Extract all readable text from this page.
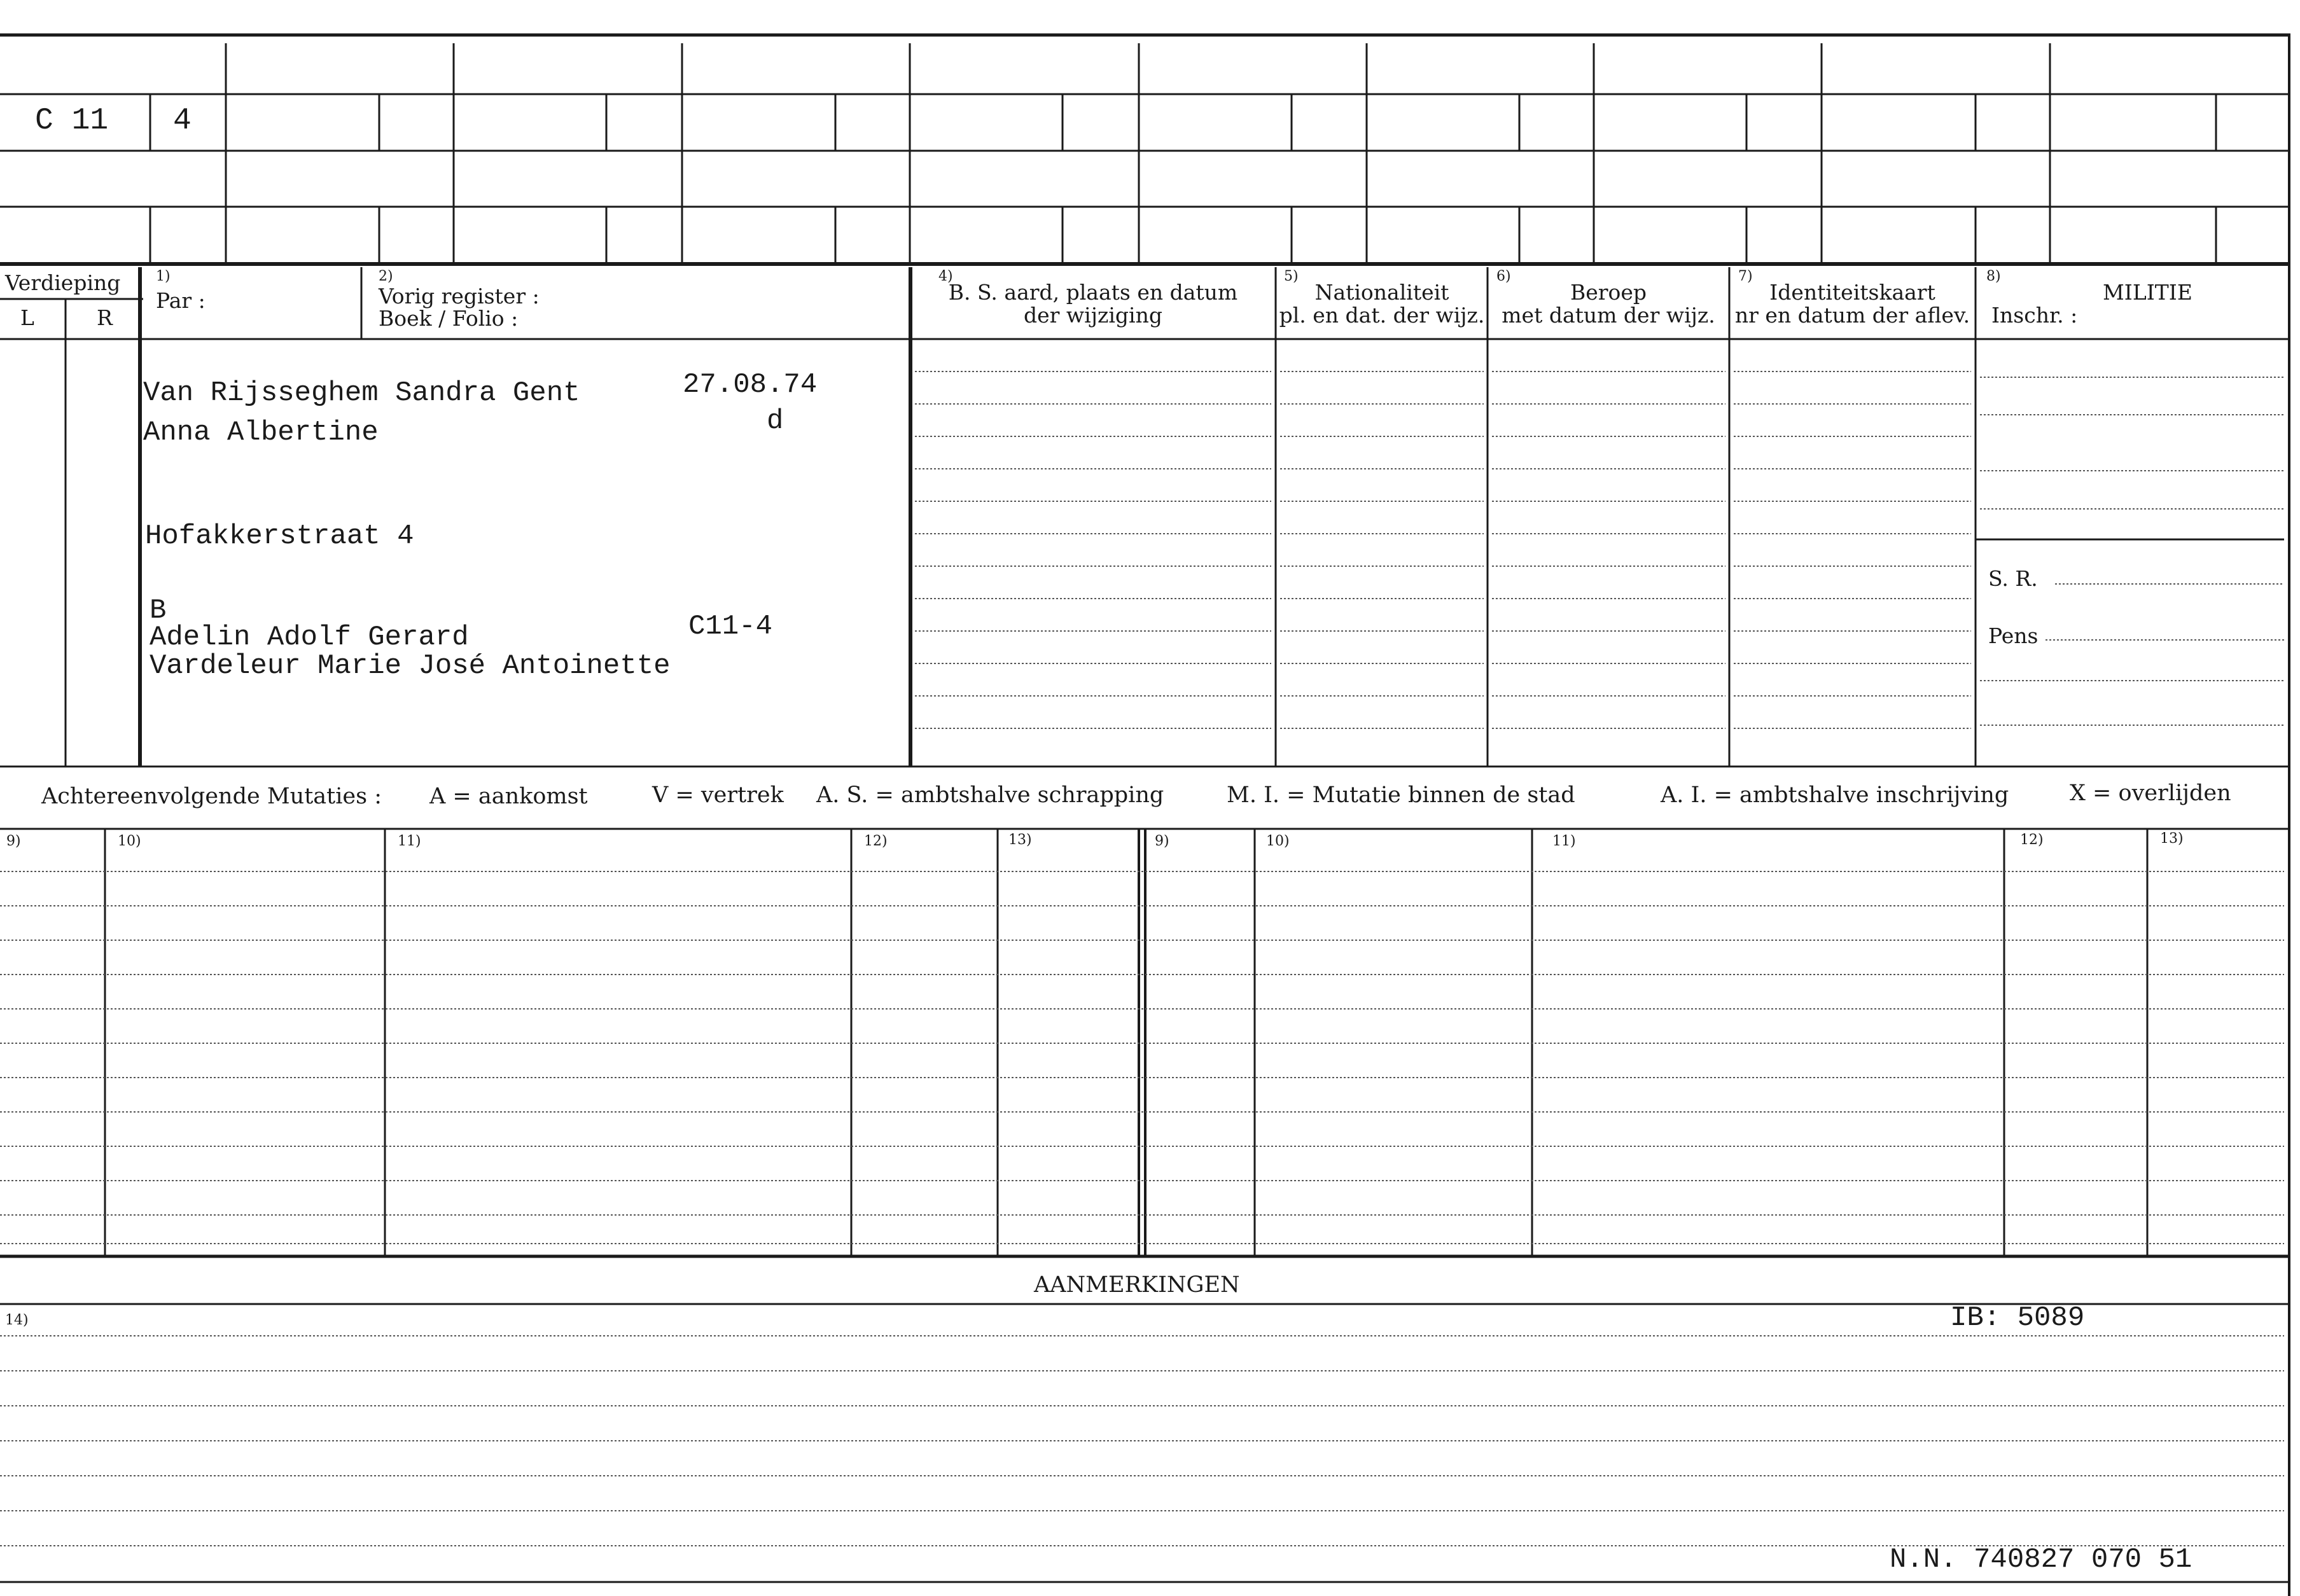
C 11 4
Verdieping
L	R
1)
Par :
2)
Vorig register :
Boek / Folio :
4)
B. S. aard, plaats en datum
der wijziging
5)
Nationaliteit
pl. en dat. der wijz.
6)
Beroep
met datum der wijz.
7)
Identiteitskaart
nr en datum der aflev.
8)
MILITIE
Inschr. :
Van Rijsseghem Sandra Gent
Anna Albertine
27.08.74
d
Hofakkerstraat 4
B
Adelin Adolf Gerard	C11-4
Vardeleur Marie José Antoinette
S. R.
Pens
Achtereenvolgende Mutaties : A = aankomst	V = vertrek A. S. = ambtshalve schrapping	M. I. = Mutatie binnen de stad	A. I. = ambtshalve inschrijving	X = overlijden
9)	10)	11)	12)	13)	9)	10)	11)	12)	13)
AANMERKINGEN
14)	IB: 5089
N.N. 740827 070 51
